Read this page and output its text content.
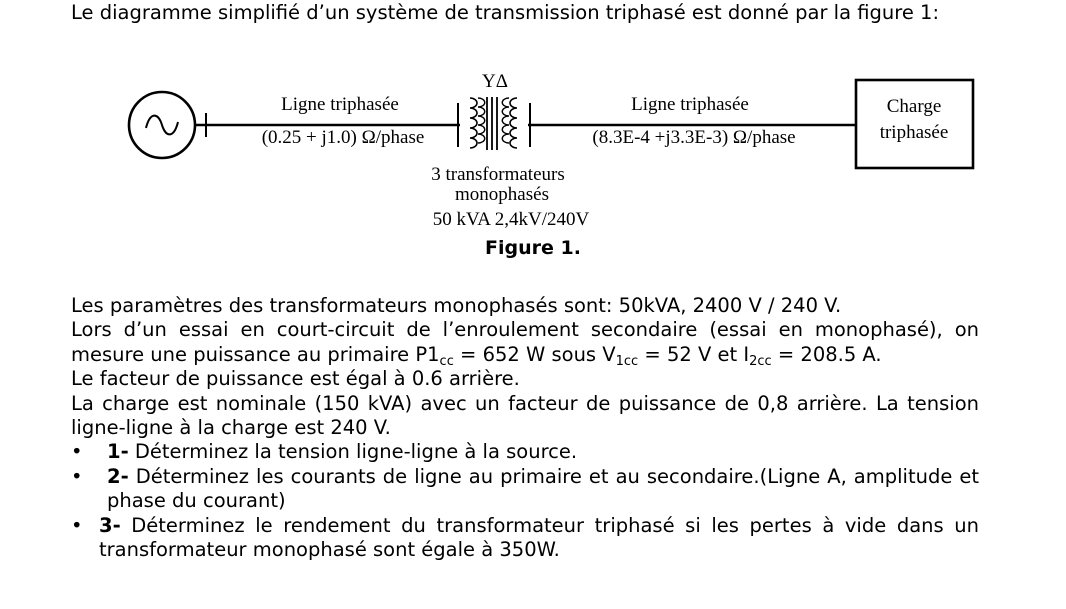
Le diagramme simplifié d’un système de transmission triphasé est donné par la figure 1:

YΔ
Ligne triphasée
(0.25 + j1.0) Ω/phase
Ligne triphasée
(8.3E-4 +j3.3E-3) Ω/phase
Charge
triphasée
3 transformateurs
monophasés
50 kVA 2,4kV/240V

Figure 1.

Les paramètres des transformateurs monophasés sont: 50kVA, 2400 V / 240 V.

Lors d’un essai en court-circuit de l’enroulement secondaire (essai en monophasé), on mesure une puissance au primaire $P1_{cc} = 652$ W sous $V_{1cc} = 52$ V et $I_{2cc} = 208.5$ A.

Le facteur de puissance est égal à 0.6 arrière.

La charge est nominale (150 kVA) avec un facteur de puissance de 0,8 arrière. La tension ligne-ligne à la charge est 240 V.

• 1- Déterminez la tension ligne-ligne à la source.
• 2- Déterminez les courants de ligne au primaire et au secondaire.(Ligne A, amplitude et phase du courant)
• 3- Déterminez le rendement du transformateur triphasé si les pertes à vide dans un transformateur monophasé sont égale à 350W.
